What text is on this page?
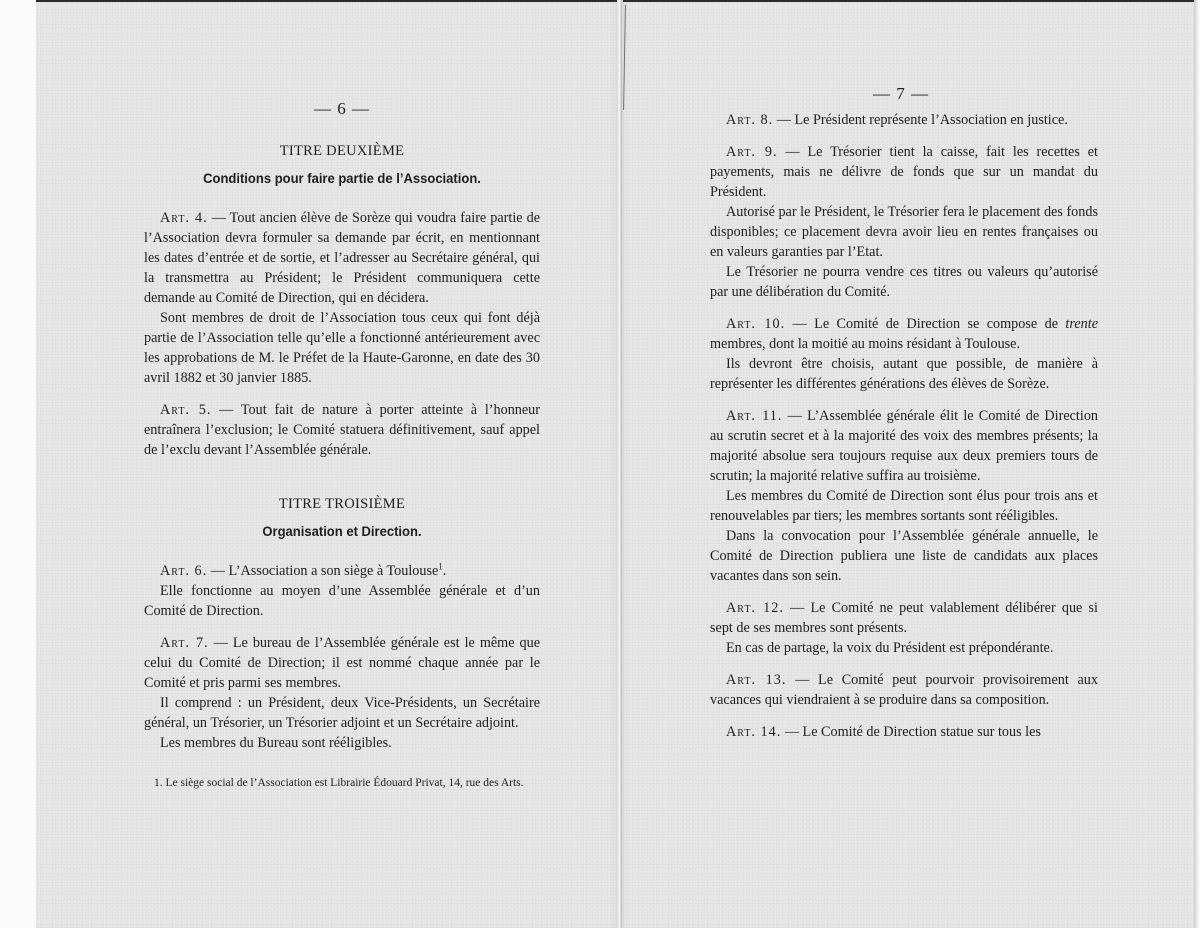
— 6 —
TITRE DEUXIÈME
Conditions pour faire partie de l’Association.

Art. 4. — Tout ancien élève de Sorèze qui voudra faire partie de l’Association devra formuler sa demande par écrit, en mentionnant les dates d’entrée et de sortie, et l’adresser au Secrétaire général, qui la transmettra au Président; le Président communiquera cette demande au Comité de Direction, qui en décidera.

Sont membres de droit de l’Association tous ceux qui font déjà partie de l’Association telle qu’elle a fonctionné antérieurement avec les approbations de M. le Préfet de la Haute-Garonne, en date des 30 avril 1882 et 30 janvier 1885.

Art. 5. — Tout fait de nature à porter atteinte à l’honneur entraînera l’exclusion; le Comité statuera définitivement, sauf appel de l’exclu devant l’Assemblée générale.

TITRE TROISIÈME
Organisation et Direction.

Art. 6. — L’Association a son siège à Toulouse$^1$.

Elle fonctionne au moyen d’une Assemblée générale et d’un Comité de Direction.

Art. 7. — Le bureau de l’Assemblée générale est le même que celui du Comité de Direction; il est nommé chaque année par le Comité et pris parmi ses membres.

Il comprend : un Président, deux Vice-Présidents, un Secrétaire général, un Trésorier, un Trésorier adjoint et un Secrétaire adjoint.

Les membres du Bureau sont rééligibles.

1. Le siège social de l’Association est Librairie Édouard Privat, 14, rue des Arts.
— 7 —

Art. 8. — Le Président représente l’Association en justice.

Art. 9. — Le Trésorier tient la caisse, fait les recettes et payements, mais ne délivre de fonds que sur un mandat du Président.

Autorisé par le Président, le Trésorier fera le placement des fonds disponibles; ce placement devra avoir lieu en rentes françaises ou en valeurs garanties par l’Etat.

Le Trésorier ne pourra vendre ces titres ou valeurs qu’autorisé par une délibération du Comité.

Art. 10. — Le Comité de Direction se compose de trente membres, dont la moitié au moins résidant à Toulouse.

Ils devront être choisis, autant que possible, de manière à représenter les différentes générations des élèves de Sorèze.

Art. 11. — L’Assemblée générale élit le Comité de Direction au scrutin secret et à la majorité des voix des membres présents; la majorité absolue sera toujours requise aux deux premiers tours de scrutin; la majorité relative suffira au troisième.

Les membres du Comité de Direction sont élus pour trois ans et renouvelables par tiers; les membres sortants sont rééligibles.

Dans la convocation pour l’Assemblée générale annuelle, le Comité de Direction publiera une liste de candidats aux places vacantes dans son sein.

Art. 12. — Le Comité ne peut valablement délibérer que si sept de ses membres sont présents.

En cas de partage, la voix du Président est prépondérante.

Art. 13. — Le Comité peut pourvoir provisoirement aux vacances qui viendraient à se produire dans sa composition.

Art. 14. — Le Comité de Direction statue sur tous les
